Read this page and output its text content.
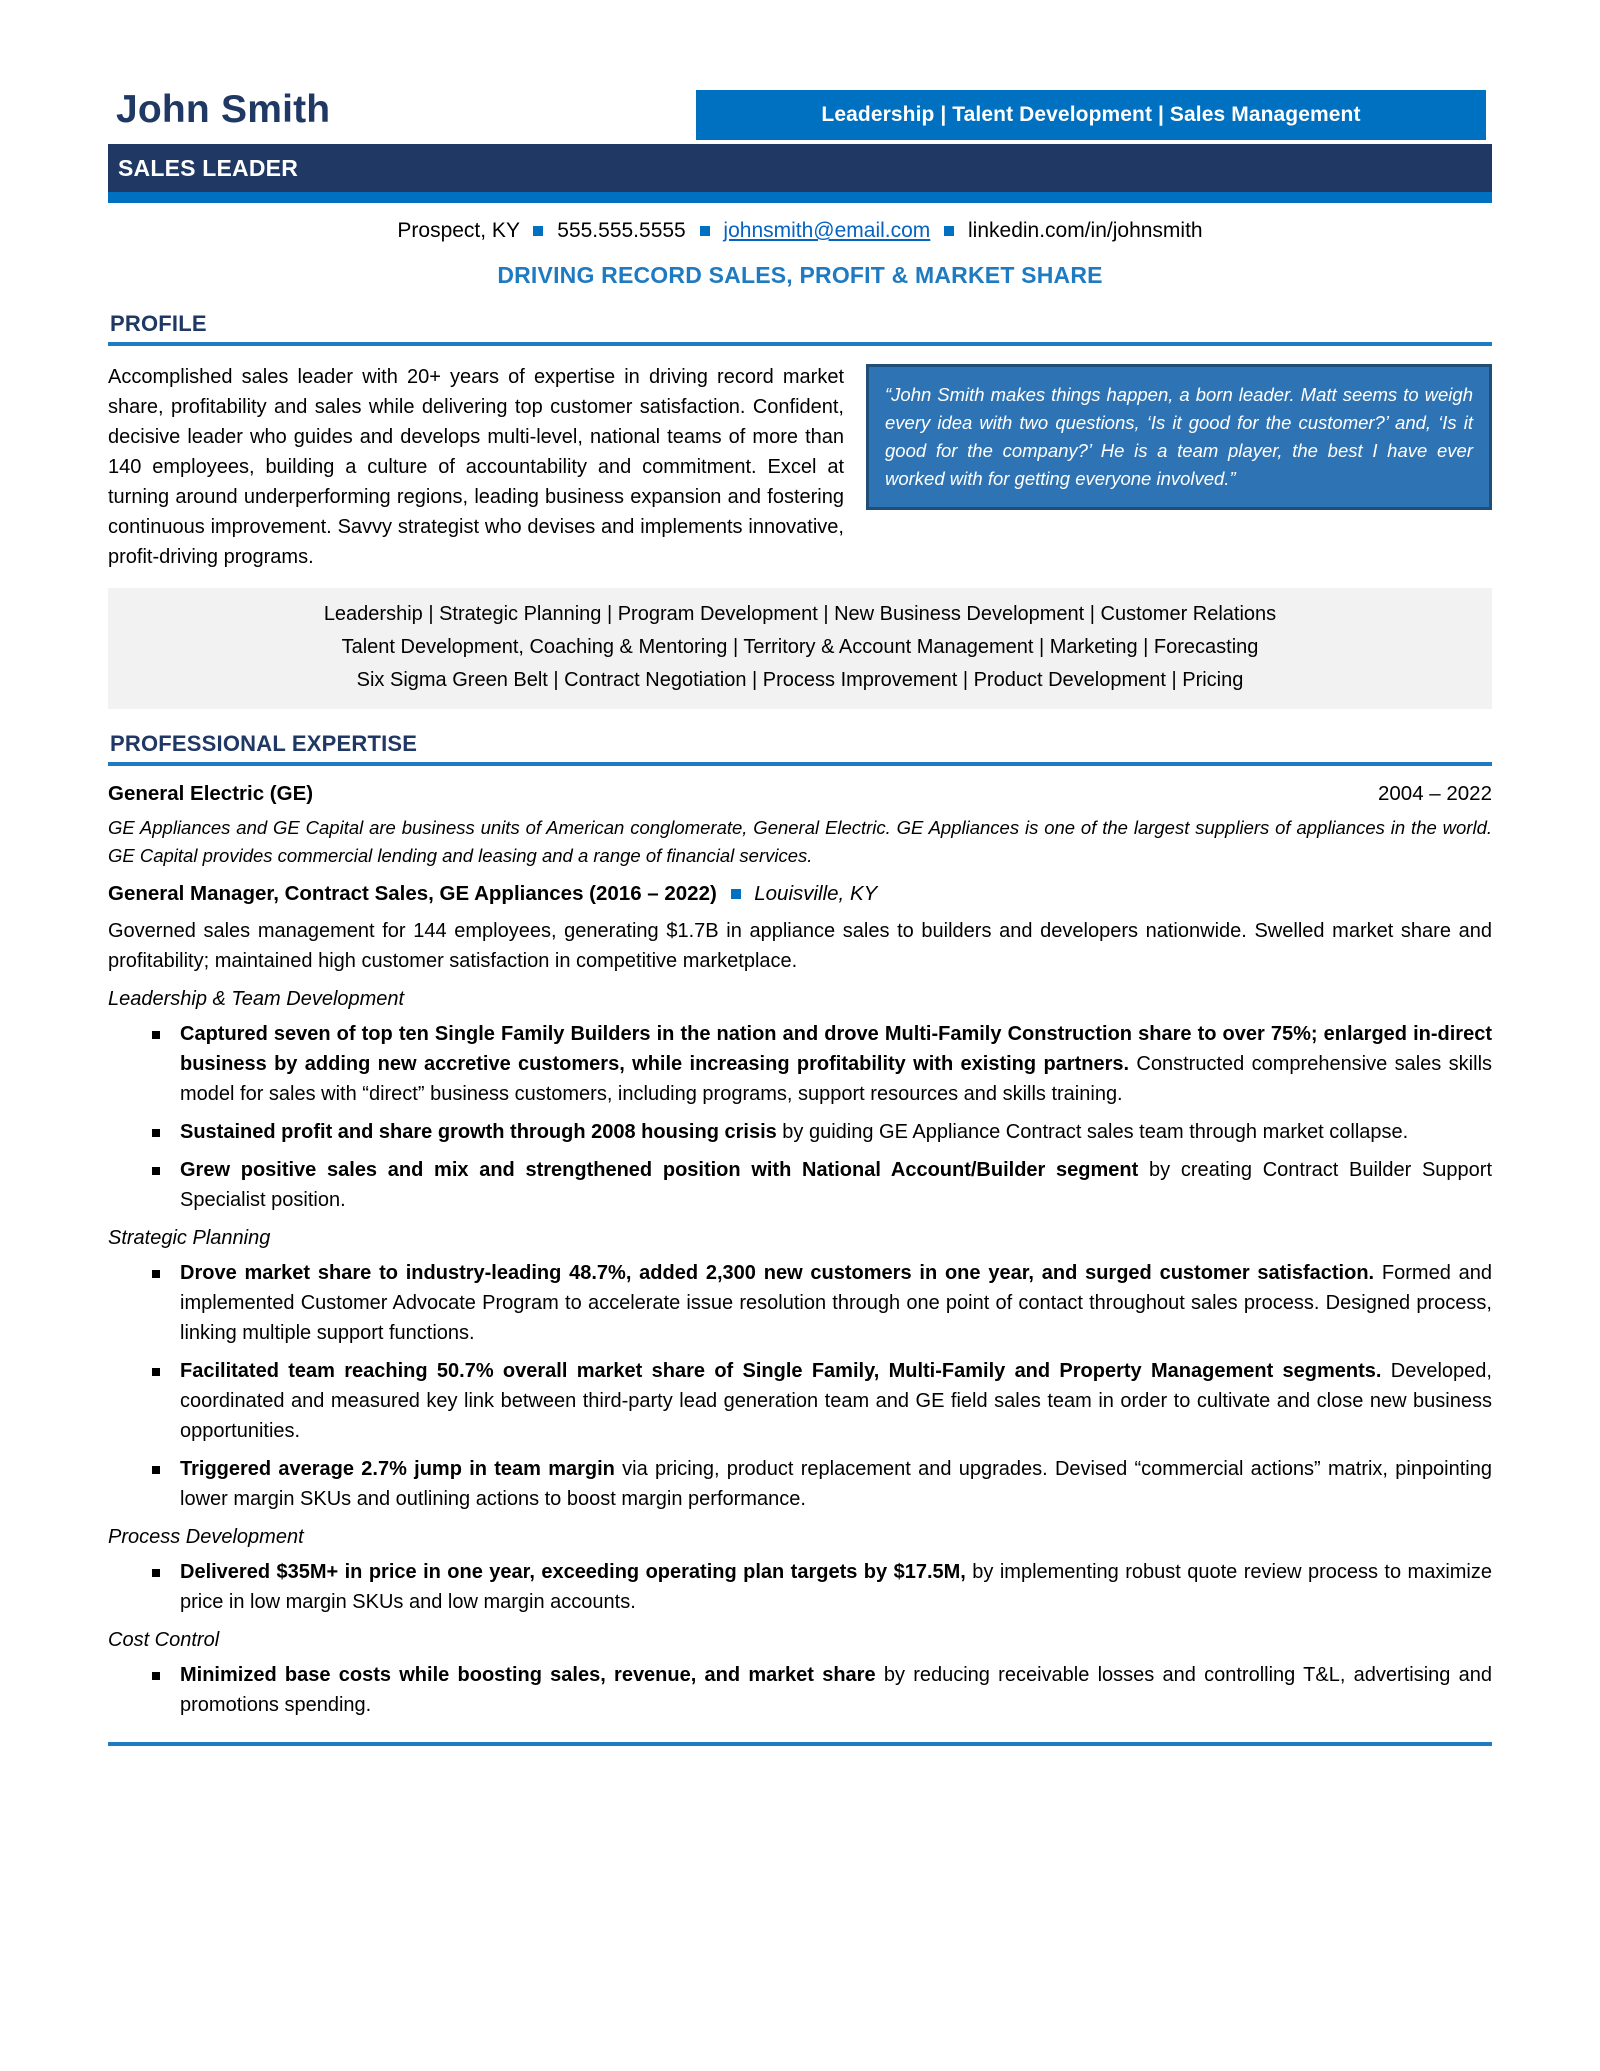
John Smith	Leadership | Talent Development | Sales Management
SALES LEADER
Prospect, KY 555.555.5555 johnsmith@email.com linkedin.com/in/johnsmith
DRIVING RECORD SALES, PROFIT & MARKET SHARE
PROFILE
“John Smith makes things happen, a born leader. Matt seems to weigh every idea with two questions, ‘Is it good for the customer?’ and, ‘Is it good for the company?’ He is a team player, the best I have ever worked with for getting everyone involved.”
Accomplished sales leader with 20+ years of expertise in driving record market share, profitability and sales while delivering top customer satisfaction. Confident, decisive leader who guides and develops multi-level, national teams of more than 140 employees, building a culture of accountability and commitment. Excel at turning around underperforming regions, leading business expansion and fostering continuous improvement. Savvy strategist who devises and implements innovative, profit-driving programs.
Leadership | Strategic Planning | Program Development | New Business Development | Customer Relations
Talent Development, Coaching & Mentoring | Territory & Account Management | Marketing | Forecasting
Six Sigma Green Belt | Contract Negotiation | Process Improvement | Product Development | Pricing
PROFESSIONAL EXPERTISE
General Electric (GE)	2004 – 2022
GE Appliances and GE Capital are business units of American conglomerate, General Electric. GE Appliances is one of the largest suppliers of appliances in the world. GE Capital provides commercial lending and leasing and a range of financial services.
General Manager, Contract Sales, GE Appliances (2016 – 2022) Louisville, KY
Governed sales management for 144 employees, generating $1.7B in appliance sales to builders and developers nationwide. Swelled market share and profitability; maintained high customer satisfaction in competitive marketplace.
Leadership & Team Development
Captured seven of top ten Single Family Builders in the nation and drove Multi-Family Construction share to over 75%; enlarged in-direct business by adding new accretive customers, while increasing profitability with existing partners. Constructed comprehensive sales skills model for sales with “direct” business customers, including programs, support resources and skills training.
Sustained profit and share growth through 2008 housing crisis by guiding GE Appliance Contract sales team through market collapse.
Grew positive sales and mix and strengthened position with National Account/Builder segment by creating Contract Builder Support Specialist position.
Strategic Planning
Drove market share to industry-leading 48.7%, added 2,300 new customers in one year, and surged customer satisfaction. Formed and implemented Customer Advocate Program to accelerate issue resolution through one point of contact throughout sales process. Designed process, linking multiple support functions.
Facilitated team reaching 50.7% overall market share of Single Family, Multi-Family and Property Management segments. Developed, coordinated and measured key link between third-party lead generation team and GE field sales team in order to cultivate and close new business opportunities.
Triggered average 2.7% jump in team margin via pricing, product replacement and upgrades. Devised “commercial actions” matrix, pinpointing lower margin SKUs and outlining actions to boost margin performance.
Process Development
Delivered $35M+ in price in one year, exceeding operating plan targets by $17.5M, by implementing robust quote review process to maximize price in low margin SKUs and low margin accounts.
Cost Control
Minimized base costs while boosting sales, revenue, and market share by reducing receivable losses and controlling T&L, advertising and promotions spending.
